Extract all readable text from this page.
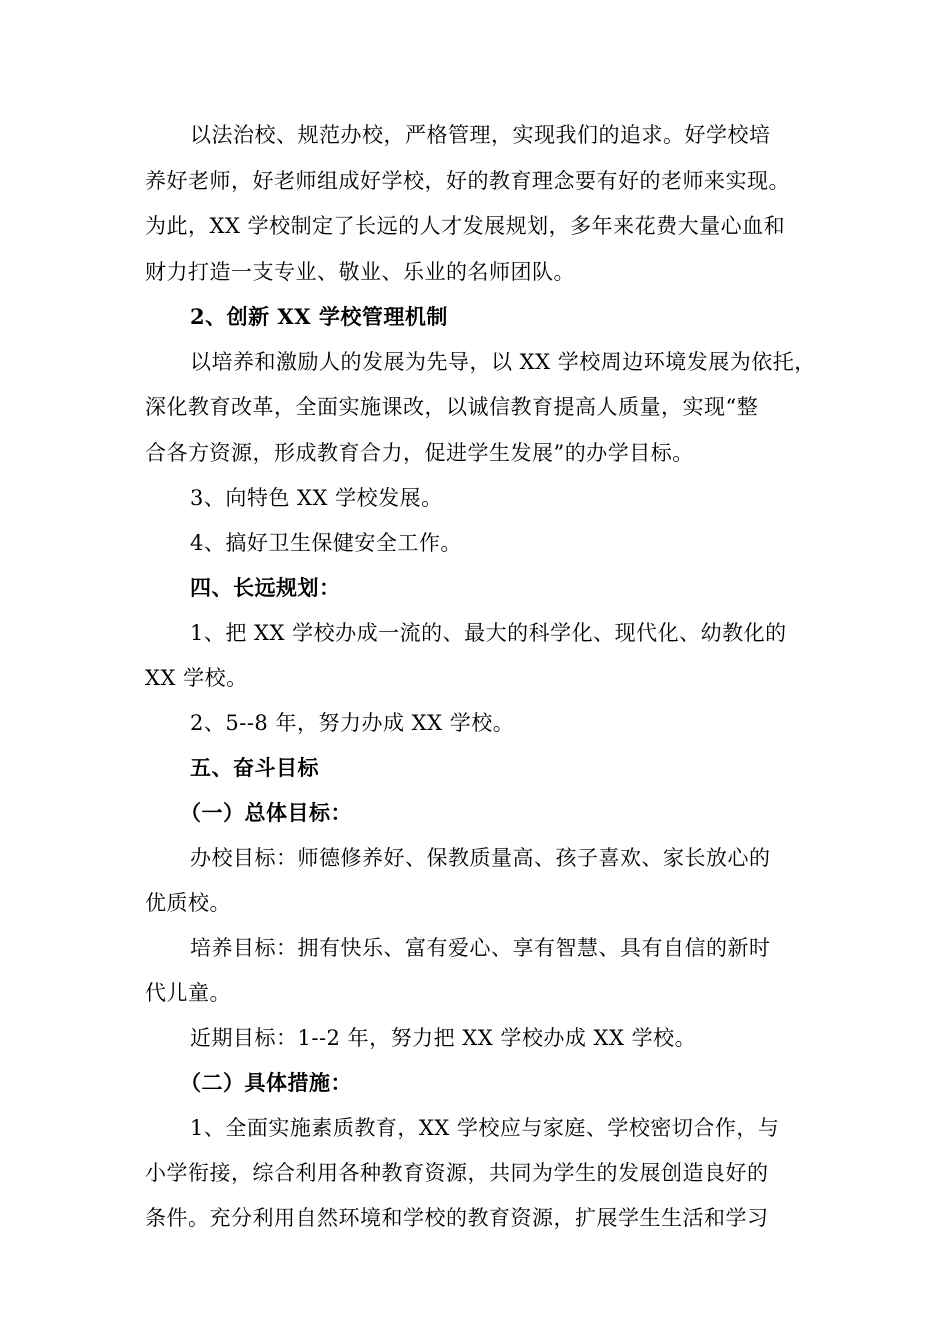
以法治校、规范办校，严格管理，实现我们的追求。好学校培
养好老师，好老师组成好学校，好的教育理念要有好的老师来实现。
为此，XX 学校制定了长远的人才发展规划，多年来花费大量心血和
财力打造一支专业、敬业、乐业的名师团队。
2、创新 XX 学校管理机制
以培养和激励人的发展为先导，以 XX 学校周边环境发展为依托，
深化教育改革，全面实施课改，以诚信教育提高人质量，实现“整
合各方资源，形成教育合力，促进学生发展”的办学目标。
3、向特色 XX 学校发展。
4、搞好卫生保健安全工作。
四、长远规划：
1、把 XX 学校办成一流的、最大的科学化、现代化、幼教化的
XX 学校。
2、5--8 年，努力办成 XX 学校。
五、奋斗目标
（一）总体目标：
办校目标：师德修养好、保教质量高、孩子喜欢、家长放心的
优质校。
培养目标：拥有快乐、富有爱心、享有智慧、具有自信的新时
代儿童。
近期目标：1--2 年，努力把 XX 学校办成 XX 学校。
（二）具体措施：
1、全面实施素质教育，XX 学校应与家庭、学校密切合作，与
小学衔接，综合利用各种教育资源，共同为学生的发展创造良好的
条件。充分利用自然环境和学校的教育资源，扩展学生生活和学习
